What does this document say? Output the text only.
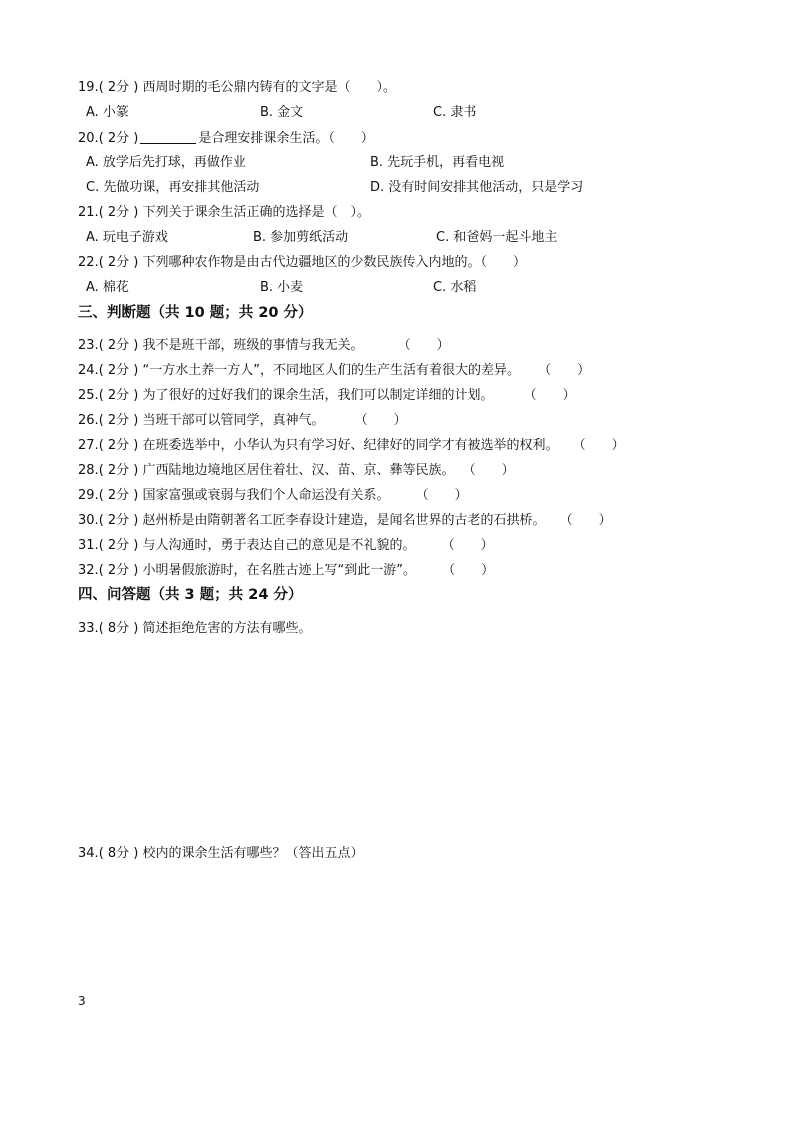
19.( 2分 ) 西周时期的毛公鼎内铸有的文字是（　　）。
A. 小篆	B. 金文	C. 隶书
20.( 2分 )	是合理安排课余生活。（　　）
A. 放学后先打球，再做作业	B. 先玩手机，再看电视
C. 先做功课，再安排其他活动	D. 没有时间安排其他活动，只是学习
21.( 2分 ) 下列关于课余生活正确的选择是（　）。
A. 玩电子游戏	B. 参加剪纸活动	C. 和爸妈一起斗地主
22.( 2分 ) 下列哪种农作物是由古代边疆地区的少数民族传入内地的。（　　）
A. 棉花	B. 小麦	C. 水稻
三、判断题（共 10 题；共 20 分）
23.( 2分 ) 我不是班干部，班级的事情与我无关。	（　　）
24.( 2分 ) “一方水土养一方人”，不同地区人们的生产生活有着很大的差异。 （　　）
25.( 2分 ) 为了很好的过好我们的课余生活，我们可以制定详细的计划。 （　　）
26.( 2分 ) 当班干部可以管同学，真神气。 （　　）
27.( 2分 ) 在班委选举中，小华认为只有学习好、纪律好的同学才有被选举的权利。 （　　）
28.( 2分 ) 广西陆地边境地区居住着壮、汉、苗、京、彝等民族。 （　　）
29.( 2分 ) 国家富强或衰弱与我们个人命运没有关系。 （　　）
30.( 2分 ) 赵州桥是由隋朝著名工匠李春设计建造，是闻名世界的古老的石拱桥。 （　　）
31.( 2分 ) 与人沟通时，勇于表达自己的意见是不礼貌的。 （　　）
32.( 2分 ) 小明暑假旅游时，在名胜古迹上写“到此一游”。 （　　）
四、问答题（共 3 题；共 24 分）
33.( 8分 ) 简述拒绝危害的方法有哪些。
34.( 8分 ) 校内的课余生活有哪些？（答出五点）
3
